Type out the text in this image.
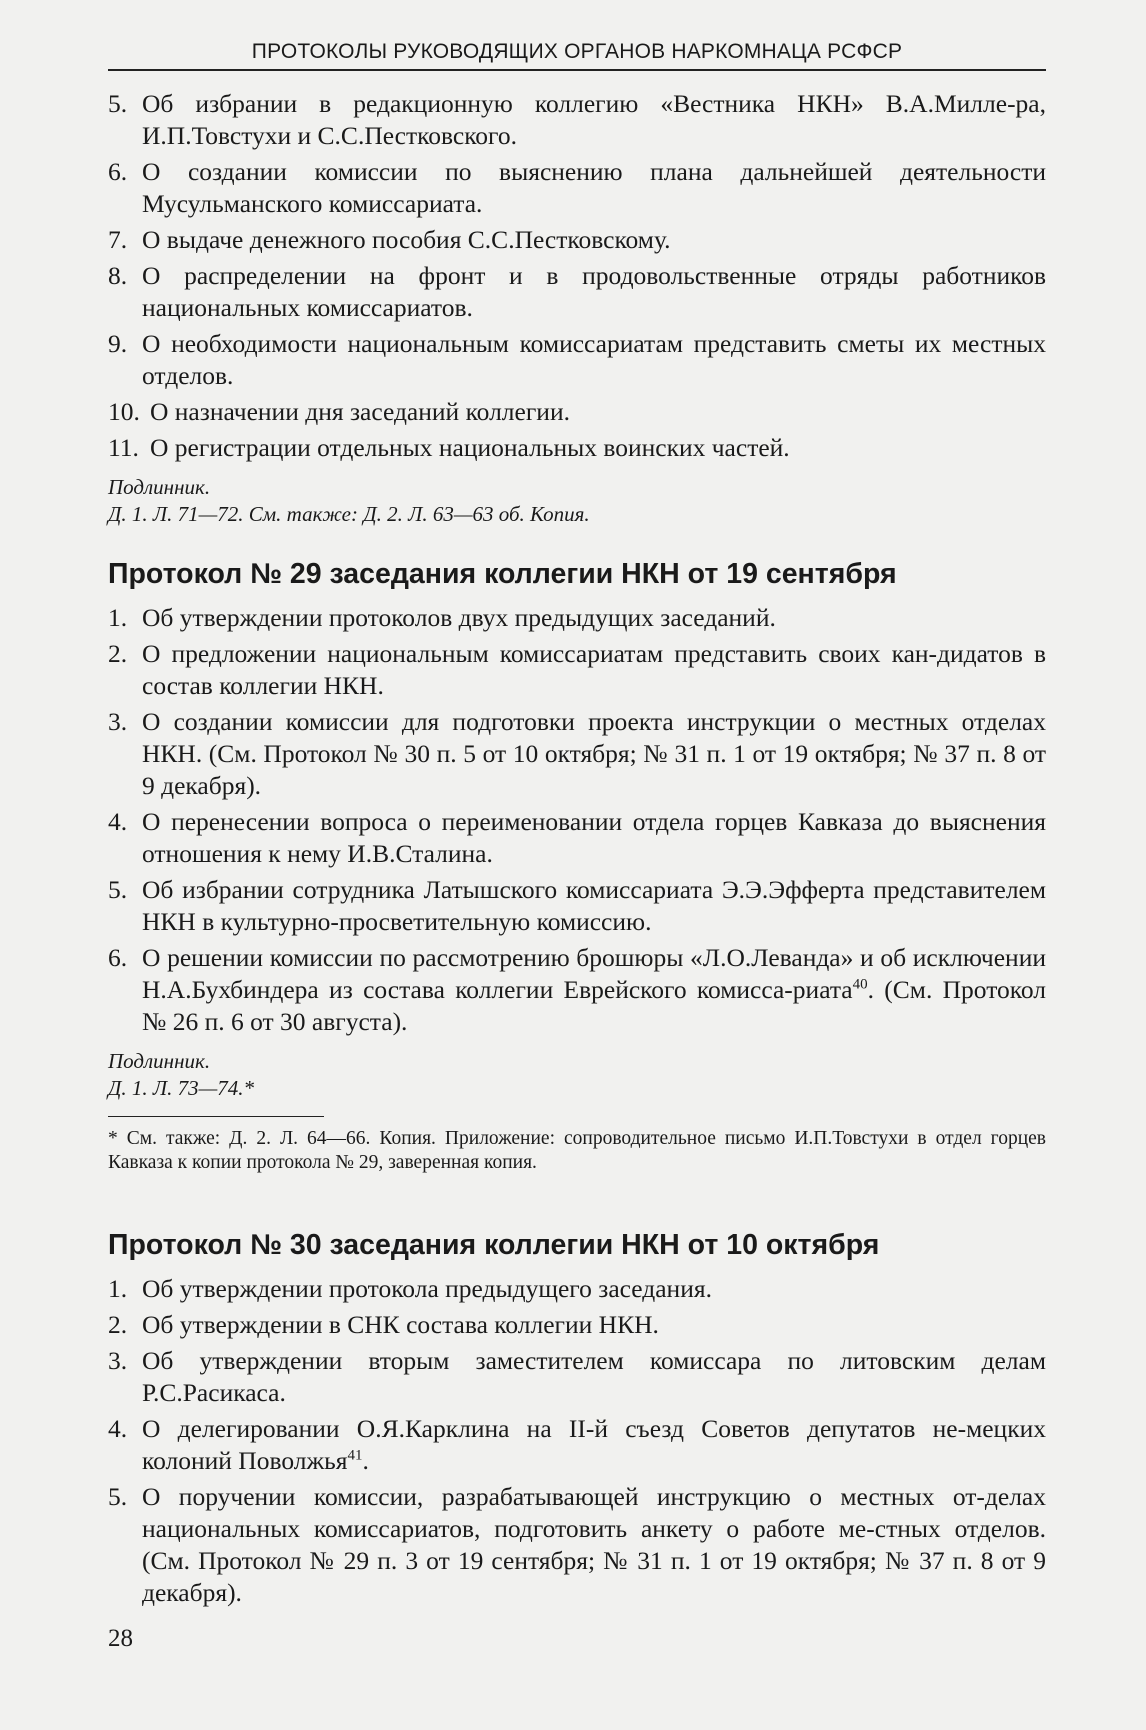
ПРОТОКОЛЫ РУКОВОДЯЩИХ ОРГАНОВ НАРКОМНАЦА РСФСР
5. Об избрании в редакционную коллегию «Вестника НКН» В.А.Милле-ра, И.П.Товстухи и С.С.Пестковского.
6. О создании комиссии по выяснению плана дальнейшей деятельности Мусульманского комиссариата.
7. О выдаче денежного пособия С.С.Пестковскому.
8. О распределении на фронт и в продовольственные отряды работников национальных комиссариатов.
9. О необходимости национальным комиссариатам представить сметы их местных отделов.
10. О назначении дня заседаний коллегии.
11. О регистрации отдельных национальных воинских частей.
Подлинник.
Д. 1. Л. 71—72. См. также: Д. 2. Л. 63—63 об. Копия.
Протокол № 29 заседания коллегии НКН от 19 сентября
1. Об утверждении протоколов двух предыдущих заседаний.
2. О предложении национальным комиссариатам представить своих кан-дидатов в состав коллегии НКН.
3. О создании комиссии для подготовки проекта инструкции о местных отделах НКН. (См. Протокол № 30 п. 5 от 10 октября; № 31 п. 1 от 19 октября; № 37 п. 8 от 9 декабря).
4. О перенесении вопроса о переименовании отдела горцев Кавказа до выяснения отношения к нему И.В.Сталина.
5. Об избрании сотрудника Латышского комиссариата Э.Э.Эфферта представителем НКН в культурно-просветительную комиссию.
6. О решении комиссии по рассмотрению брошюры «Л.О.Леванда» и об исключении Н.А.Бухбиндера из состава коллегии Еврейского комисса-риата$^{40}$. (См. Протокол № 26 п. 6 от 30 августа).
Подлинник.
Д. 1. Л. 73—74.*
* См. также: Д. 2. Л. 64—66. Копия. Приложение: сопроводительное письмо И.П.Товстухи в отдел горцев Кавказа к копии протокола № 29, заверенная копия.
Протокол № 30 заседания коллегии НКН от 10 октября
1. Об утверждении протокола предыдущего заседания.
2. Об утверждении в СНК состава коллегии НКН.
3. Об утверждении вторым заместителем комиссара по литовским делам Р.С.Расикаса.
4. О делегировании О.Я.Карклина на II-й съезд Советов депутатов не-мецких колоний Поволжья$^{41}$.
5. О поручении комиссии, разрабатывающей инструкцию о местных от-делах национальных комиссариатов, подготовить анкету о работе ме-стных отделов. (См. Протокол № 29 п. 3 от 19 сентября; № 31 п. 1 от 19 октября; № 37 п. 8 от 9 декабря).
28
